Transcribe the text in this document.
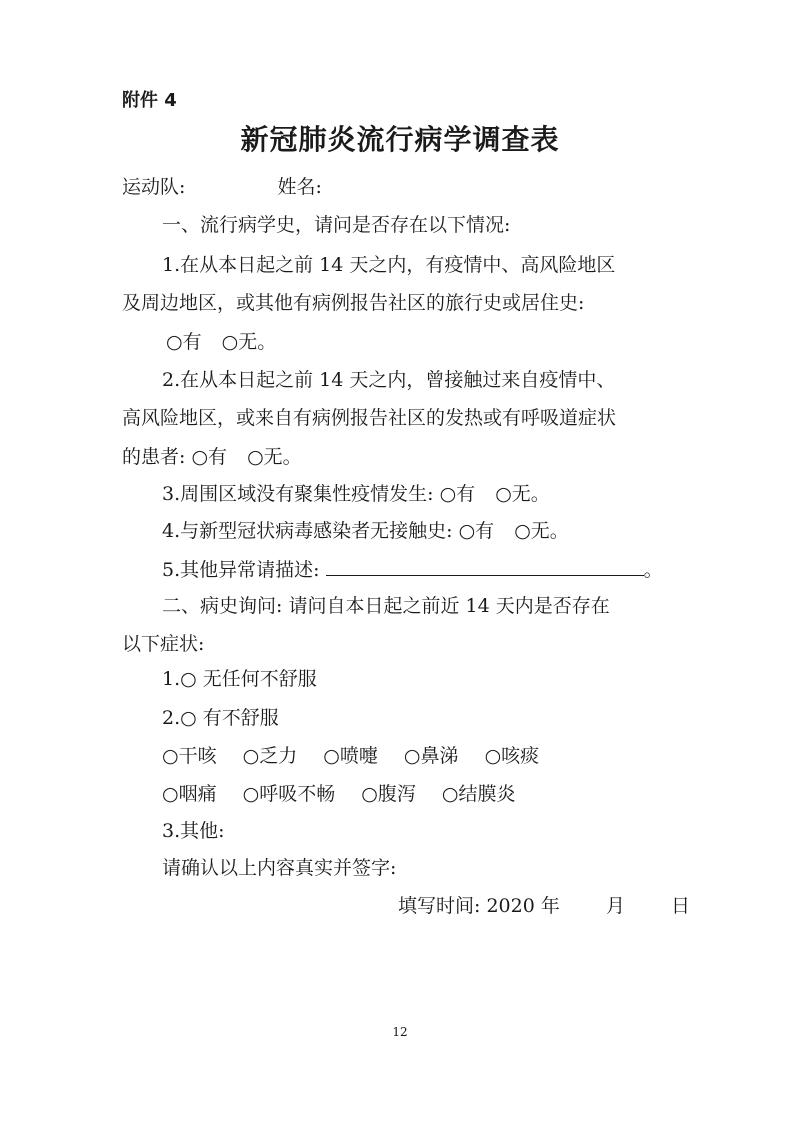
附件 4
新冠肺炎流行病学调查表
运动队:	姓名:
一、流行病学史，请问是否存在以下情况:
1.在从本日起之前 14 天之内，有疫情中、高风险地区
及周边地区，或其他有病例报告社区的旅行史或居住史:
○有 ○无。
2.在从本日起之前 14 天之内，曾接触过来自疫情中、
高风险地区，或来自有病例报告社区的发热或有呼吸道症状
的患者: ○有 ○无。
3.周围区域没有聚集性疫情发生: ○有 ○无。
4.与新型冠状病毒感染者无接触史: ○有 ○无。
5.其他异常请描述:	。
二、病史询问: 请问自本日起之前近 14 天内是否存在
以下症状:
1.○ 无任何不舒服
2.○ 有不舒服
○干咳 ○乏力 ○喷嚏 ○鼻涕 ○咳痰
○咽痛 ○呼吸不畅 ○腹泻 ○结膜炎
3.其他:
请确认以上内容真实并签字:
填写时间: 2020 年 月 日
12
